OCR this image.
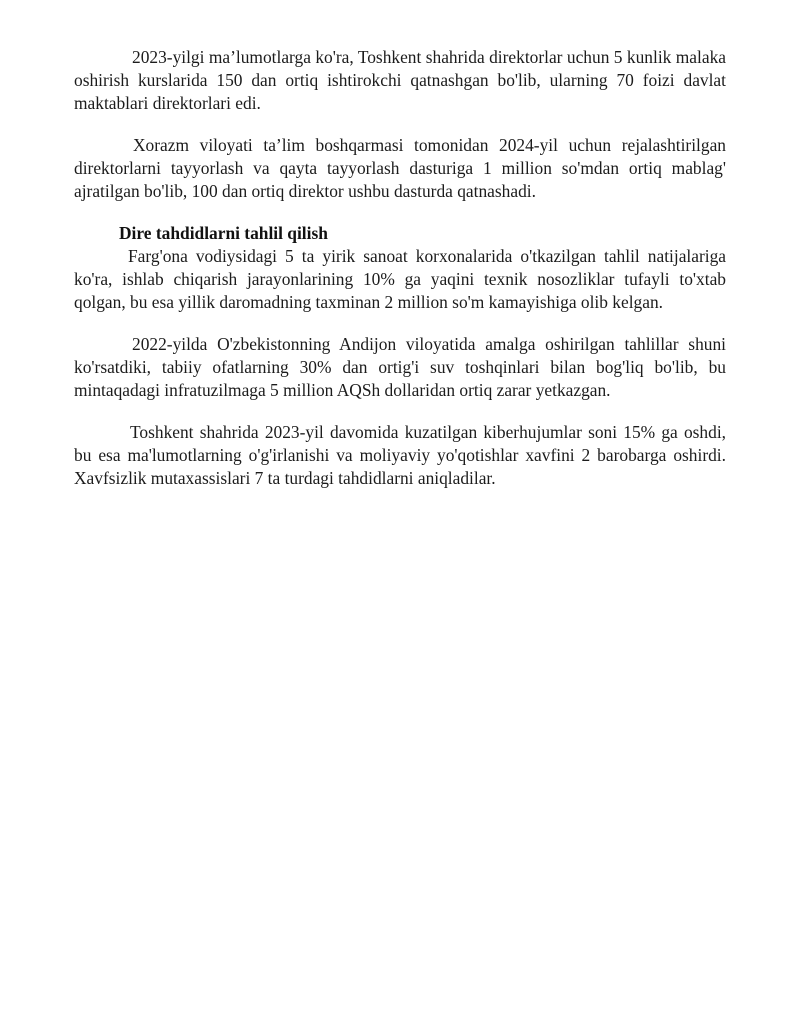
2023-yilgi ma’lumotlarga ko'ra, Toshkent shahrida direktorlar uchun 5 kunlik malaka oshirish kurslarida 150 dan ortiq ishtirokchi qatnashgan bo'lib, ularning 70 foizi davlat maktablari direktorlari edi.

Xorazm viloyati ta’lim boshqarmasi tomonidan 2024-yil uchun rejalashtirilgan direktorlarni tayyorlash va qayta tayyorlash dasturiga 1 million so'mdan ortiq mablag' ajratilgan bo'lib, 100 dan ortiq direktor ushbu dasturda qatnashadi.

Dire tahdidlarni tahlil qilish

Farg'ona vodiysidagi 5 ta yirik sanoat korxonalarida o'tkazilgan tahlil natijalariga ko'ra, ishlab chiqarish jarayonlarining 10% ga yaqini texnik nosozliklar tufayli to'xtab qolgan, bu esa yillik daromadning taxminan 2 million so'm kamayishiga olib kelgan.

2022-yilda O'zbekistonning Andijon viloyatida amalga oshirilgan tahlillar shuni ko'rsatdiki, tabiiy ofatlarning 30% dan ortig'i suv toshqinlari bilan bog'liq bo'lib, bu mintaqadagi infratuzilmaga 5 million AQSh dollaridan ortiq zarar yetkazgan.

Toshkent shahrida 2023-yil davomida kuzatilgan kiberhujumlar soni 15% ga oshdi, bu esa ma'lumotlarning o'g'irlanishi va moliyaviy yo'qotishlar xavfini 2 barobarga oshirdi. Xavfsizlik mutaxassislari 7 ta turdagi tahdidlarni aniqladilar.
